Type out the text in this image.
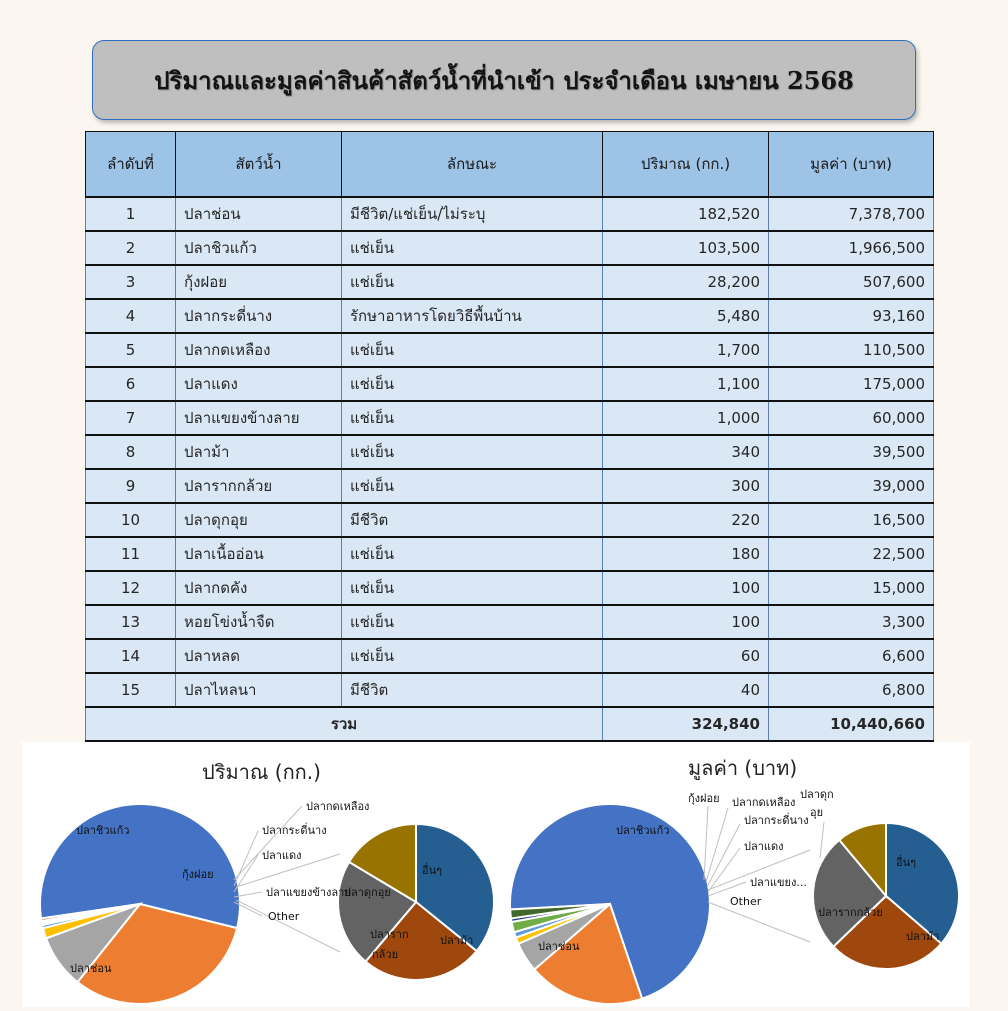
ปริมาณและมูลค่าสินค้าสัตว์น้ำที่นำเข้า ประจำเดือน เมษายน 2568
ลำดับที่	สัตว์น้ำ	ลักษณะ	ปริมาณ (กก.)	มูลค่า (บาท)
1	ปลาช่อน	มีชีวิต/แช่เย็น/ไม่ระบุ	182,520	7,378,700
2	ปลาชิวแก้ว	แช่เย็น	103,500	1,966,500
3	กุ้งฝอย	แช่เย็น	28,200	507,600
4	ปลากระดี่นาง	รักษาอาหารโดยวิธีพื้นบ้าน	5,480	93,160
5	ปลากดเหลือง	แช่เย็น	1,700	110,500
6	ปลาแดง	แช่เย็น	1,100	175,000
7	ปลาแขยงข้างลาย	แช่เย็น	1,000	60,000
8	ปลาม้า	แช่เย็น	340	39,500
9	ปลารากกล้วย	แช่เย็น	300	39,000
10	ปลาดุกอุย	มีชีวิต	220	16,500
11	ปลาเนื้ออ่อน	แช่เย็น	180	22,500
12	ปลากดคัง	แช่เย็น	100	15,000
13	หอยโข่งน้ำจืด	แช่เย็น	100	3,300
14	ปลาหลด	แช่เย็น	60	6,600
15	ปลาไหลนา	มีชีวิต	40	6,800
รวม			324,840	10,440,660
ปริมาณ (กก.)
ปลาชิวแก้ว
กุ้งฝอย
ปลาช่อน
ปลากดเหลือง
ปลากระดี่นาง
ปลาแดง
ปลาแขยงข้างลาย
Other
อื่นๆ
ปลาม้า
ปลาราก
กล้วย
ปลาดุกอุย
มูลค่า (บาท)
ปลาชิวแก้ว
ปลาช่อน
กุ้งฝอย ปลากดเหลือง
ปลากระดี่นาง
ปลาแดง
ปลาแขยง...
Other
ปลาดุก
อุย
อื่นๆ
ปลารากกล้วย
ปลาม้า
